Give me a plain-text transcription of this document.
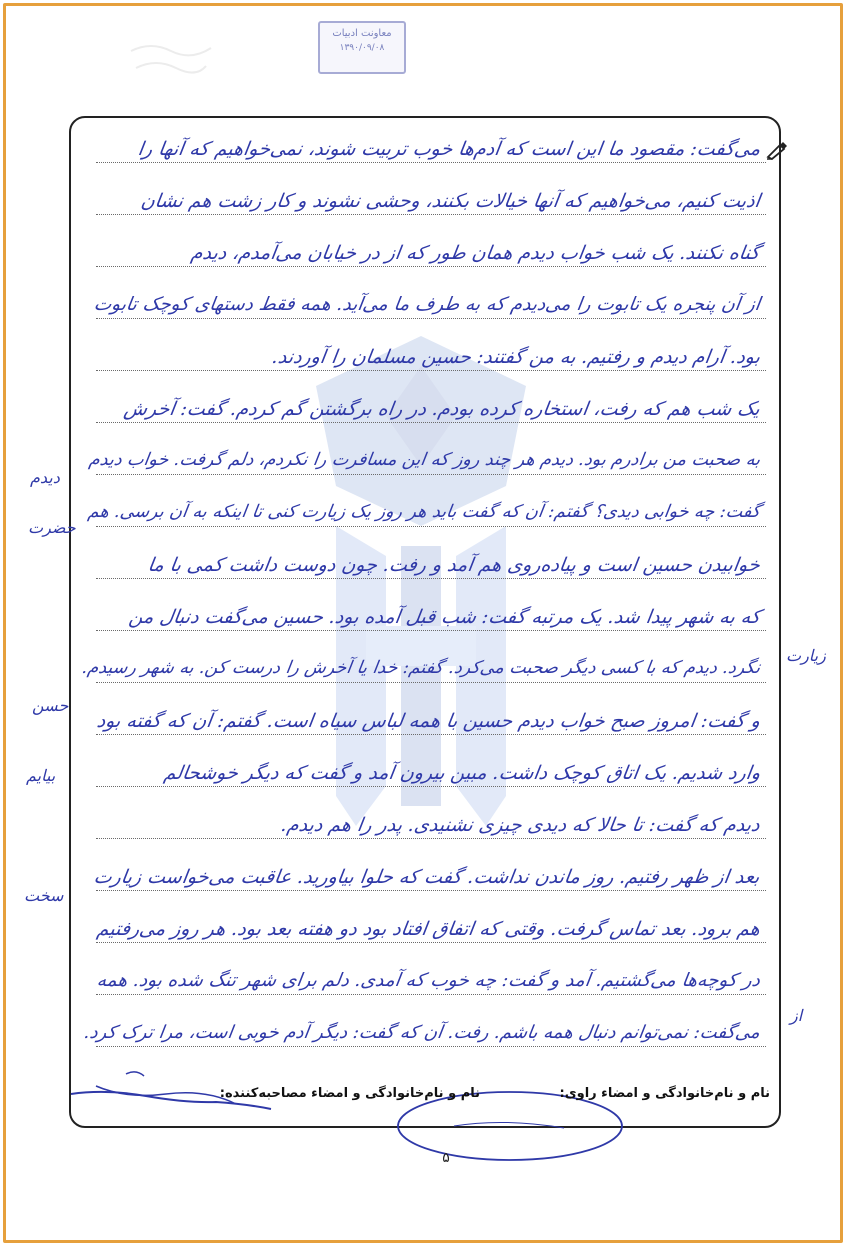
معاونت ادبیات
۱۳۹۰/۰۹/۰۸
می‌گفت: مقصود ما این است که آدم‌ها خوب تربیت شوند، نمی‌خواهیم که آنها را
اذیت کنیم، می‌خواهیم که آنها خیالات بکنند، وحشی نشوند و کار زشت هم نشان
گناه نکنند. یک شب خواب دیدم همان طور که از در خیابان می‌آمدم، دیدم
از آن پنجره یک تابوت را می‌دیدم که به طرف ما می‌آید. همه فقط دستهای کوچک تابوت
بود. آرام دیدم و رفتیم. به من گفتند: حسین مسلمان را آوردند.
یک شب هم که رفت، استخاره کرده بودم. در راه برگشتن گم کردم. گفت: آخرش
به صحبت من برادرم بود. دیدم هر چند روز که این مسافرت را نکردم، دلم گرفت. خواب دیدم
گفت: چه خوابی دیدی؟ گفتم: آن که گفت باید هر روز یک زیارت کنی تا اینکه به آن برسی. هم
خوابیدن حسین است و پیاده‌روی هم آمد و رفت. چون دوست داشت کمی با ما
که به شهر پیدا شد. یک مرتبه گفت: شب قبل آمده بود. حسین می‌گفت دنبال من
نگرد. دیدم که با کسی دیگر صحبت می‌کرد. گفتم: خدا یا آخرش را درست کن. به شهر رسیدم.
و گفت: امروز صبح خواب دیدم حسین با همه لباس سیاه است. گفتم: آن که گفته بود
وارد شدیم. یک اتاق کوچک داشت. مبین بیرون آمد و گفت که دیگر خوشحالم
دیدم که گفت: تا حالا که دیدی چیزی نشنیدی. پدر را هم دیدم.
بعد از ظهر رفتیم. روز ماندن نداشت. گفت که حلوا بیاورید. عاقبت می‌خواست زیارت
هم برود. بعد تماس گرفت. وقتی که اتفاق افتاد بود دو هفته بعد بود. هر روز می‌رفتیم
در کوچه‌ها می‌گشتیم. آمد و گفت: چه خوب که آمدی. دلم برای شهر تنگ شده بود. همه
می‌گفت: نمی‌توانم دنبال همه باشم. رفت. آن که گفت: دیگر آدم خوبی است، مرا ترک کرد.
دیدم
حضرت
حسن
بیایم
زیارت
سخت
از
نام و نام‌خانوادگی و امضاء راوی:
نام و نام‌خانوادگی و امضاء مصاحبه‌کننده:
۵
